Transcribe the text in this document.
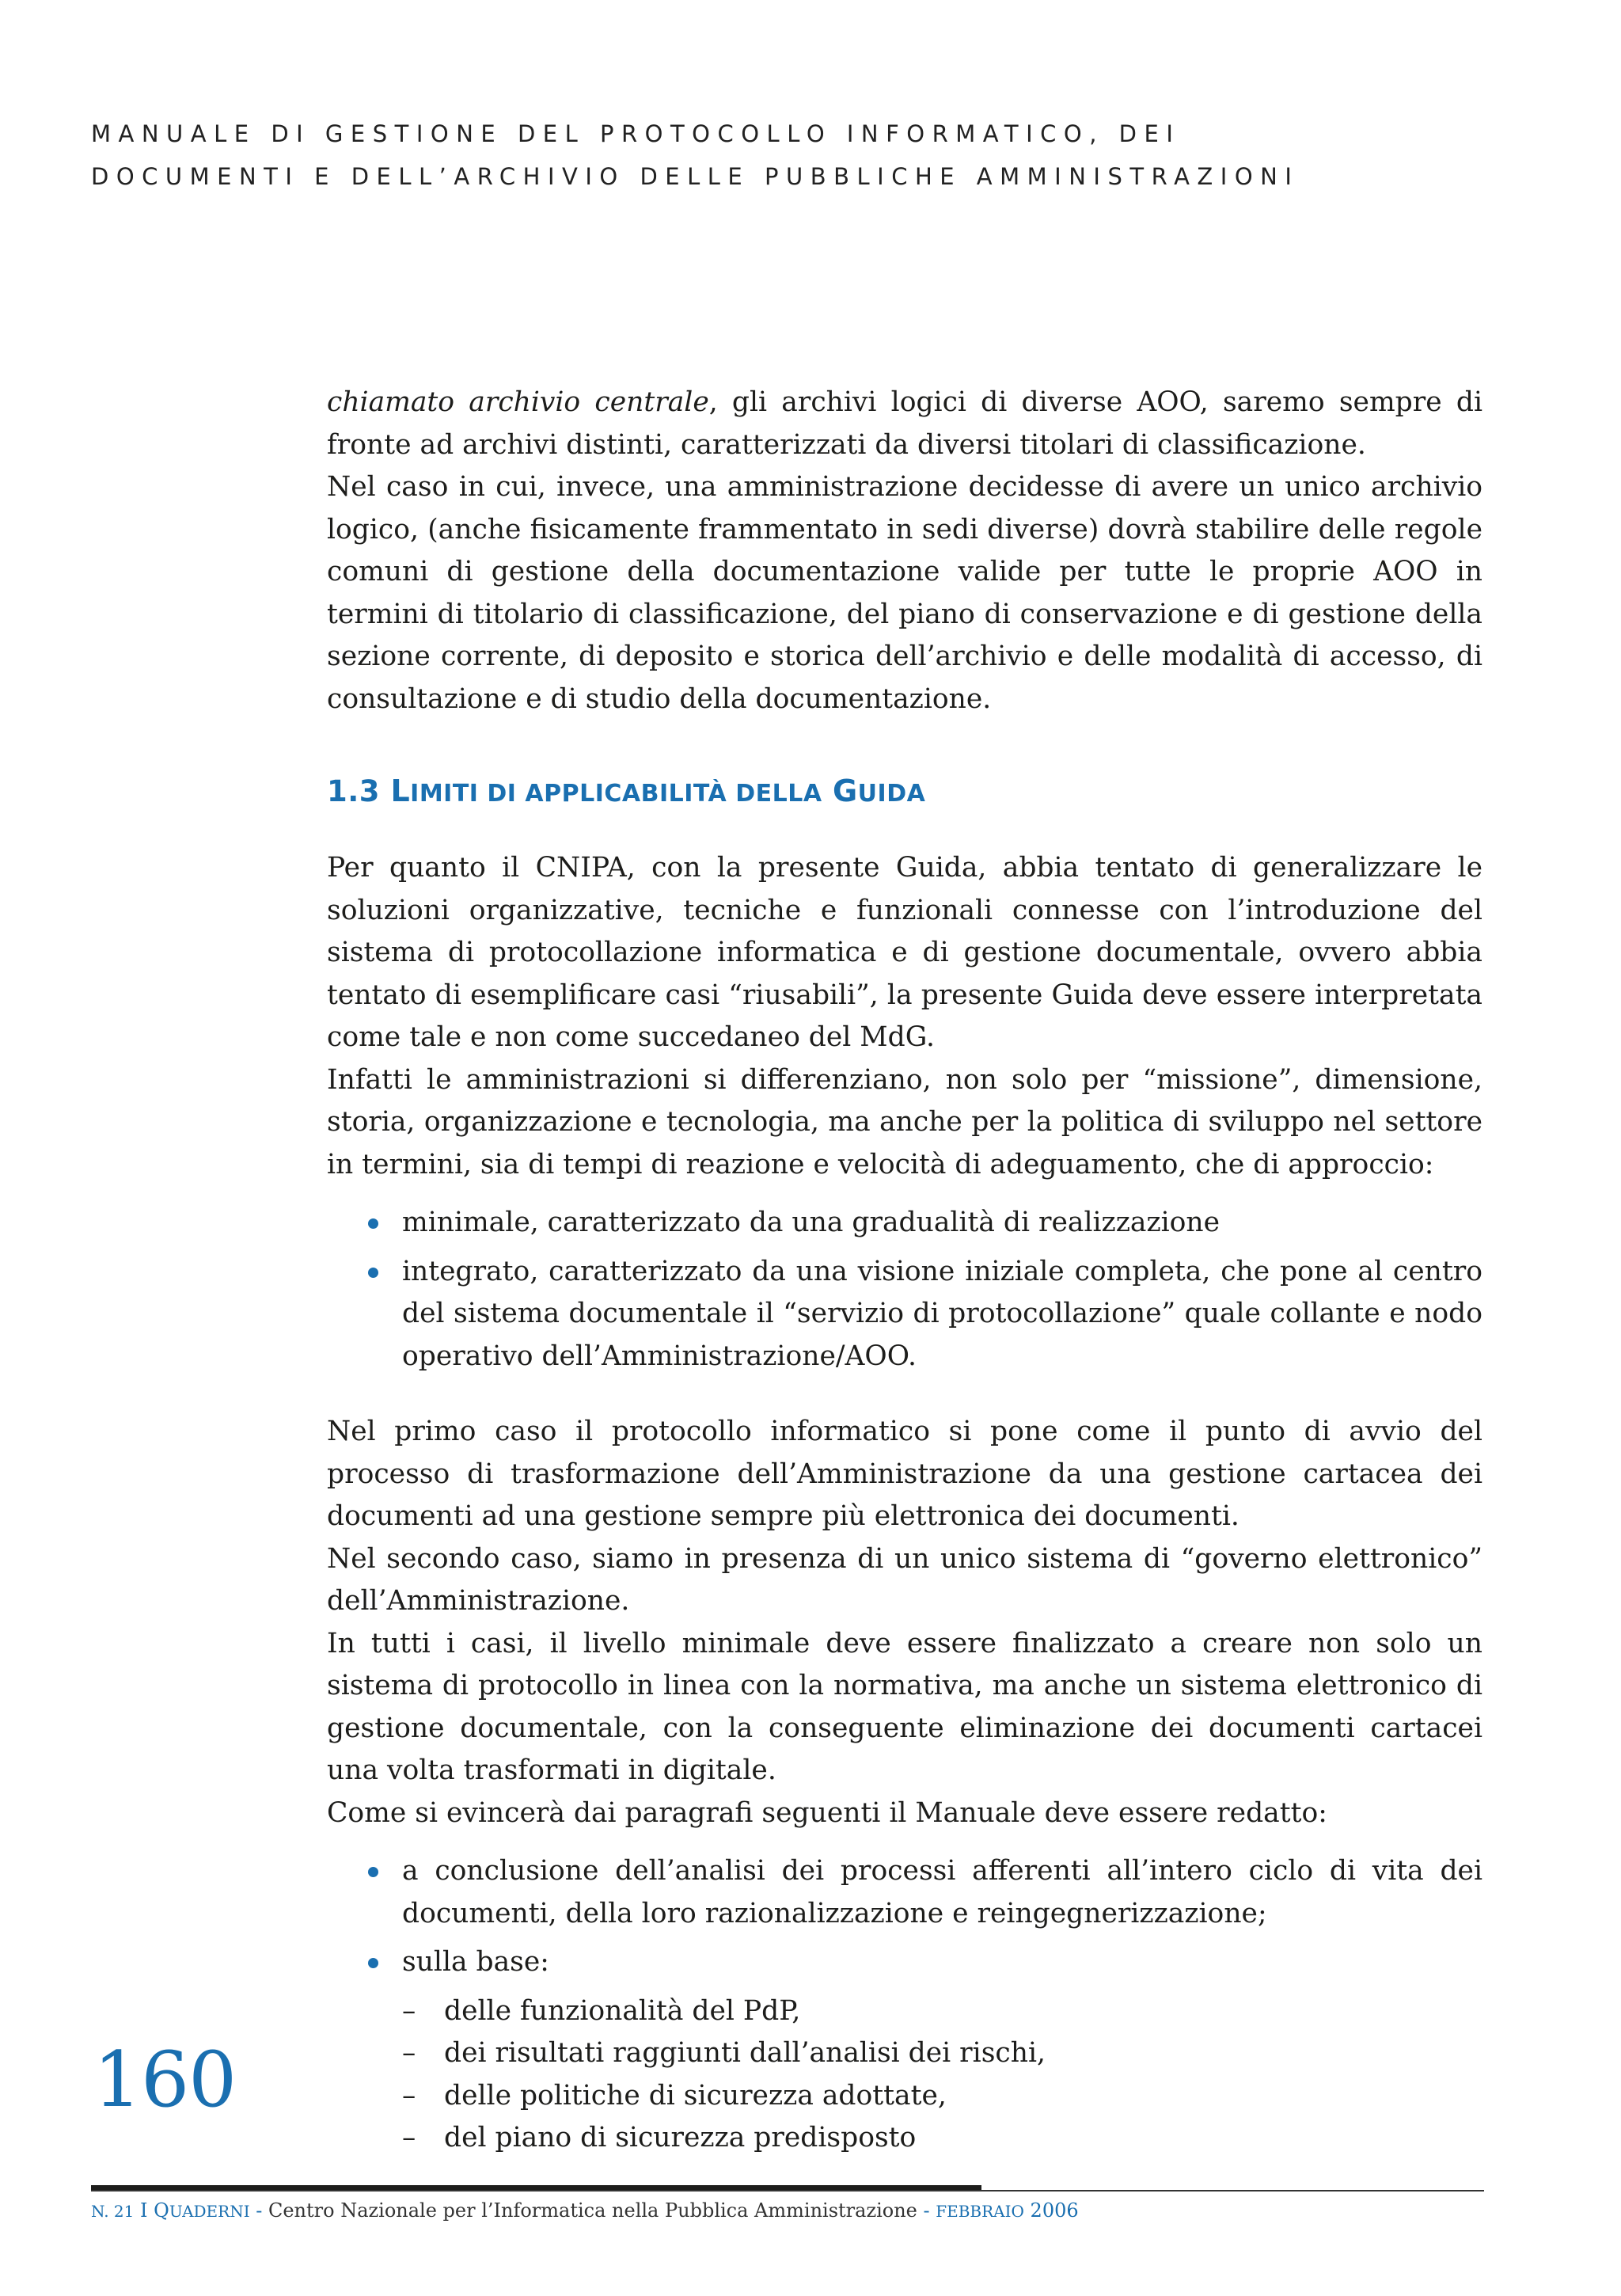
MANUALE DI GESTIONE DEL PROTOCOLLO INFORMATICO, DEI
DOCUMENTI E DELL’ARCHIVIO DELLE PUBBLICHE AMMINISTRAZIONI

chiamato archivio centrale, gli archivi logici di diverse AOO, saremo sempre di fronte ad archivi distinti, caratterizzati da diversi titolari di classificazione.

Nel caso in cui, invece, una amministrazione decidesse di avere un unico archivio logico, (anche fisicamente frammentato in sedi diverse) dovrà stabilire delle regole comuni di gestione della documentazione valide per tutte le proprie AOO in termini di titolario di classificazione, del piano di conservazione e di gestione della sezione corrente, di deposito e storica dell’archivio e delle modalità di accesso, di consultazione e di studio della documentazione.

1.3 LIMITI DI APPLICABILITÀ DELLA GUIDA

Per quanto il CNIPA, con la presente Guida, abbia tentato di generalizzare le soluzioni organizzative, tecniche e funzionali connesse con l’introduzione del sistema di protocollazione informatica e di gestione documentale, ovvero abbia tentato di esemplificare casi “riusabili”, la presente Guida deve essere interpretata come tale e non come succedaneo del MdG.

Infatti le amministrazioni si differenziano, non solo per “missione”, dimensione, storia, organizzazione e tecnologia, ma anche per la politica di sviluppo nel settore in termini, sia di tempi di reazione e velocità di adeguamento, che di approccio:

minimale, caratterizzato da una gradualità di realizzazione
integrato, caratterizzato da una visione iniziale completa, che pone al centro del sistema documentale il “servizio di protocollazione” quale collante e nodo operativo dell’Amministrazione/AOO.

Nel primo caso il protocollo informatico si pone come il punto di avvio del processo di trasformazione dell’Amministrazione da una gestione cartacea dei documenti ad una gestione sempre più elettronica dei documenti.

Nel secondo caso, siamo in presenza di un unico sistema di “governo elettronico” dell’Amministrazione.

In tutti i casi, il livello minimale deve essere finalizzato a creare non solo un sistema di protocollo in linea con la normativa, ma anche un sistema elettronico di gestione documentale, con la conseguente eliminazione dei documenti cartacei una volta trasformati in digitale.

Come si evincerà dai paragrafi seguenti il Manuale deve essere redatto:

a conclusione dell’analisi dei processi afferenti all’intero ciclo di vita dei documenti, della loro razionalizzazione e reingegnerizzazione;
sulla base:
– delle funzionalità del PdP,
– dei risultati raggiunti dall’analisi dei rischi,
– delle politiche di sicurezza adottate,
– del piano di sicurezza predisposto
160
N. 21 I QUADERNI - Centro Nazionale per l’Informatica nella Pubblica Amministrazione - FEBBRAIO 2006
